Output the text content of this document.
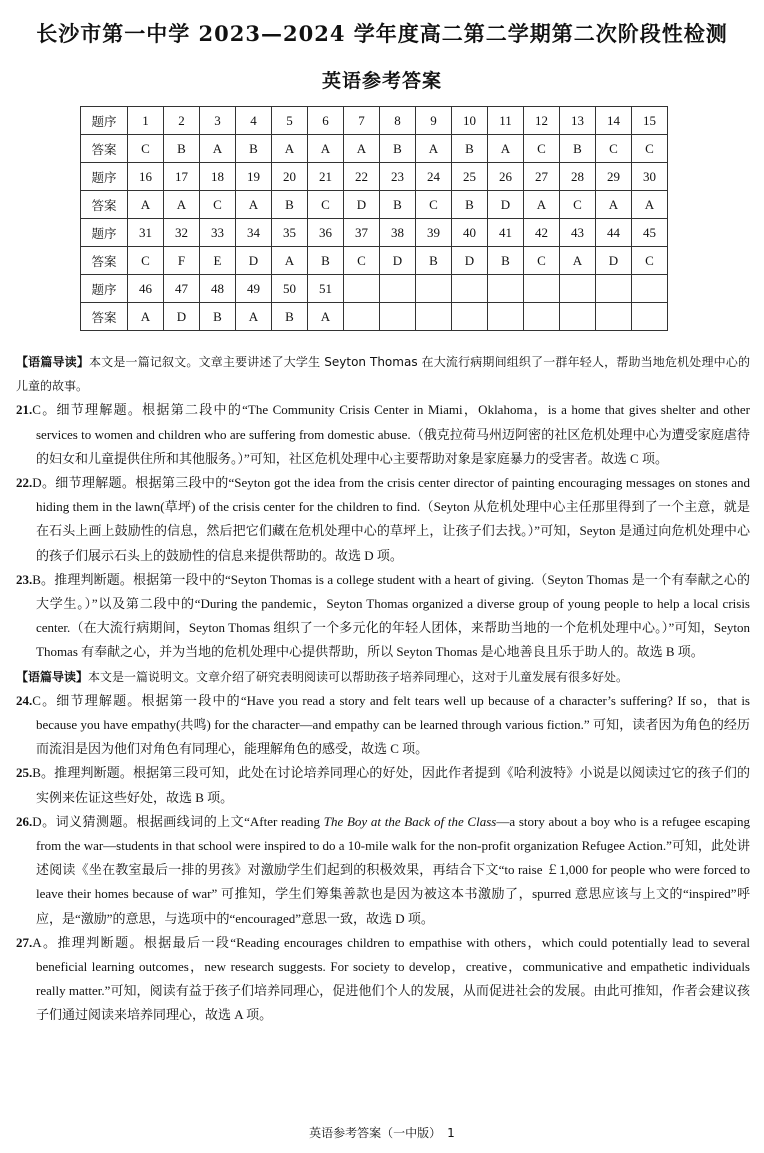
长沙市第一中学 2023—2024 学年度高二第二学期第二次阶段性检测
英语参考答案
题序	1	2	3	4	5	6	7	8	9	10	11	12	13	14	15
答案	C	B	A	B	A	A	A	B	A	B	A	C	B	C	C
题序	16	17	18	19	20	21	22	23	24	25	26	27	28	29	30
答案	A	A	C	A	B	C	D	B	C	B	D	A	C	A	A
题序	31	32	33	34	35	36	37	38	39	40	41	42	43	44	45
答案	C	F	E	D	A	B	C	D	B	D	B	C	A	D	C
题序	46	47	48	49	50	51									
答案	A	D	B	A	B	A									

【语篇导读】本文是一篇记叙文。文章主要讲述了大学生 Seyton Thomas 在大流行病期间组织了一群年轻人，帮助当地危机处理中心的儿童的故事。

21.C。细节理解题。根据第二段中的“The Community Crisis Center in Miami，Oklahoma，is a home that gives shelter and other services to women and children who are suffering from domestic abuse.（俄克拉荷马州迈阿密的社区危机处理中心为遭受家庭虐待的妇女和儿童提供住所和其他服务。）”可知，社区危机处理中心主要帮助对象是家庭暴力的受害者。故选 C 项。

22.D。细节理解题。根据第三段中的“Seyton got the idea from the crisis center director of painting encouraging messages on stones and hiding them in the lawn(草坪) of the crisis center for the children to find.（Seyton 从危机处理中心主任那里得到了一个主意，就是在石头上画上鼓励性的信息，然后把它们藏在危机处理中心的草坪上，让孩子们去找。）”可知，Seyton 是通过向危机处理中心的孩子们展示石头上的鼓励性的信息来提供帮助的。故选 D 项。

23.B。推理判断题。根据第一段中的“Seyton Thomas is a college student with a heart of giving.（Seyton Thomas 是一个有奉献之心的大学生。）”以及第二段中的“During the pandemic，Seyton Thomas organized a diverse group of young people to help a local crisis center.（在大流行病期间，Seyton Thomas 组织了一个多元化的年轻人团体，来帮助当地的一个危机处理中心。）”可知，Seyton Thomas 有奉献之心，并为当地的危机处理中心提供帮助，所以 Seyton Thomas 是心地善良且乐于助人的。故选 B 项。

【语篇导读】本文是一篇说明文。文章介绍了研究表明阅读可以帮助孩子培养同理心，这对于儿童发展有很多好处。

24.C。细节理解题。根据第一段中的“Have you read a story and felt tears well up because of a character’s suffering? If so，that is because you have empathy(共鸣) for the character—and empathy can be learned through various fiction.” 可知，读者因为角色的经历而流泪是因为他们对角色有同理心，能理解角色的感受，故选 C 项。

25.B。推理判断题。根据第三段可知，此处在讨论培养同理心的好处，因此作者提到《哈利波特》小说是以阅读过它的孩子们的实例来佐证这些好处，故选 B 项。

26.D。词义猜测题。根据画线词的上文“After reading The Boy at the Back of the Class—a story about a boy who is a refugee escaping from the war—students in that school were inspired to do a 10-mile walk for the non-profit organization Refugee Action.”可知，此处讲述阅读《坐在教室最后一排的男孩》对激励学生们起到的积极效果，再结合下文“to raise ￡1,000 for people who were forced to leave their homes because of war” 可推知，学生们筹集善款也是因为被这本书激励了，spurred 意思应该与上文的“inspired”呼应，是“激励”的意思，与选项中的“encouraged”意思一致，故选 D 项。

27.A。推理判断题。根据最后一段“Reading encourages children to empathise with others，which could potentially lead to several beneficial learning outcomes，new research suggests. For society to develop，creative，communicative and empathetic individuals really matter.”可知，阅读有益于孩子们培养同理心，促进他们个人的发展，从而促进社会的发展。由此可推知，作者会建议孩子们通过阅读来培养同理心，故选 A 项。

英语参考答案（一中版）　1
